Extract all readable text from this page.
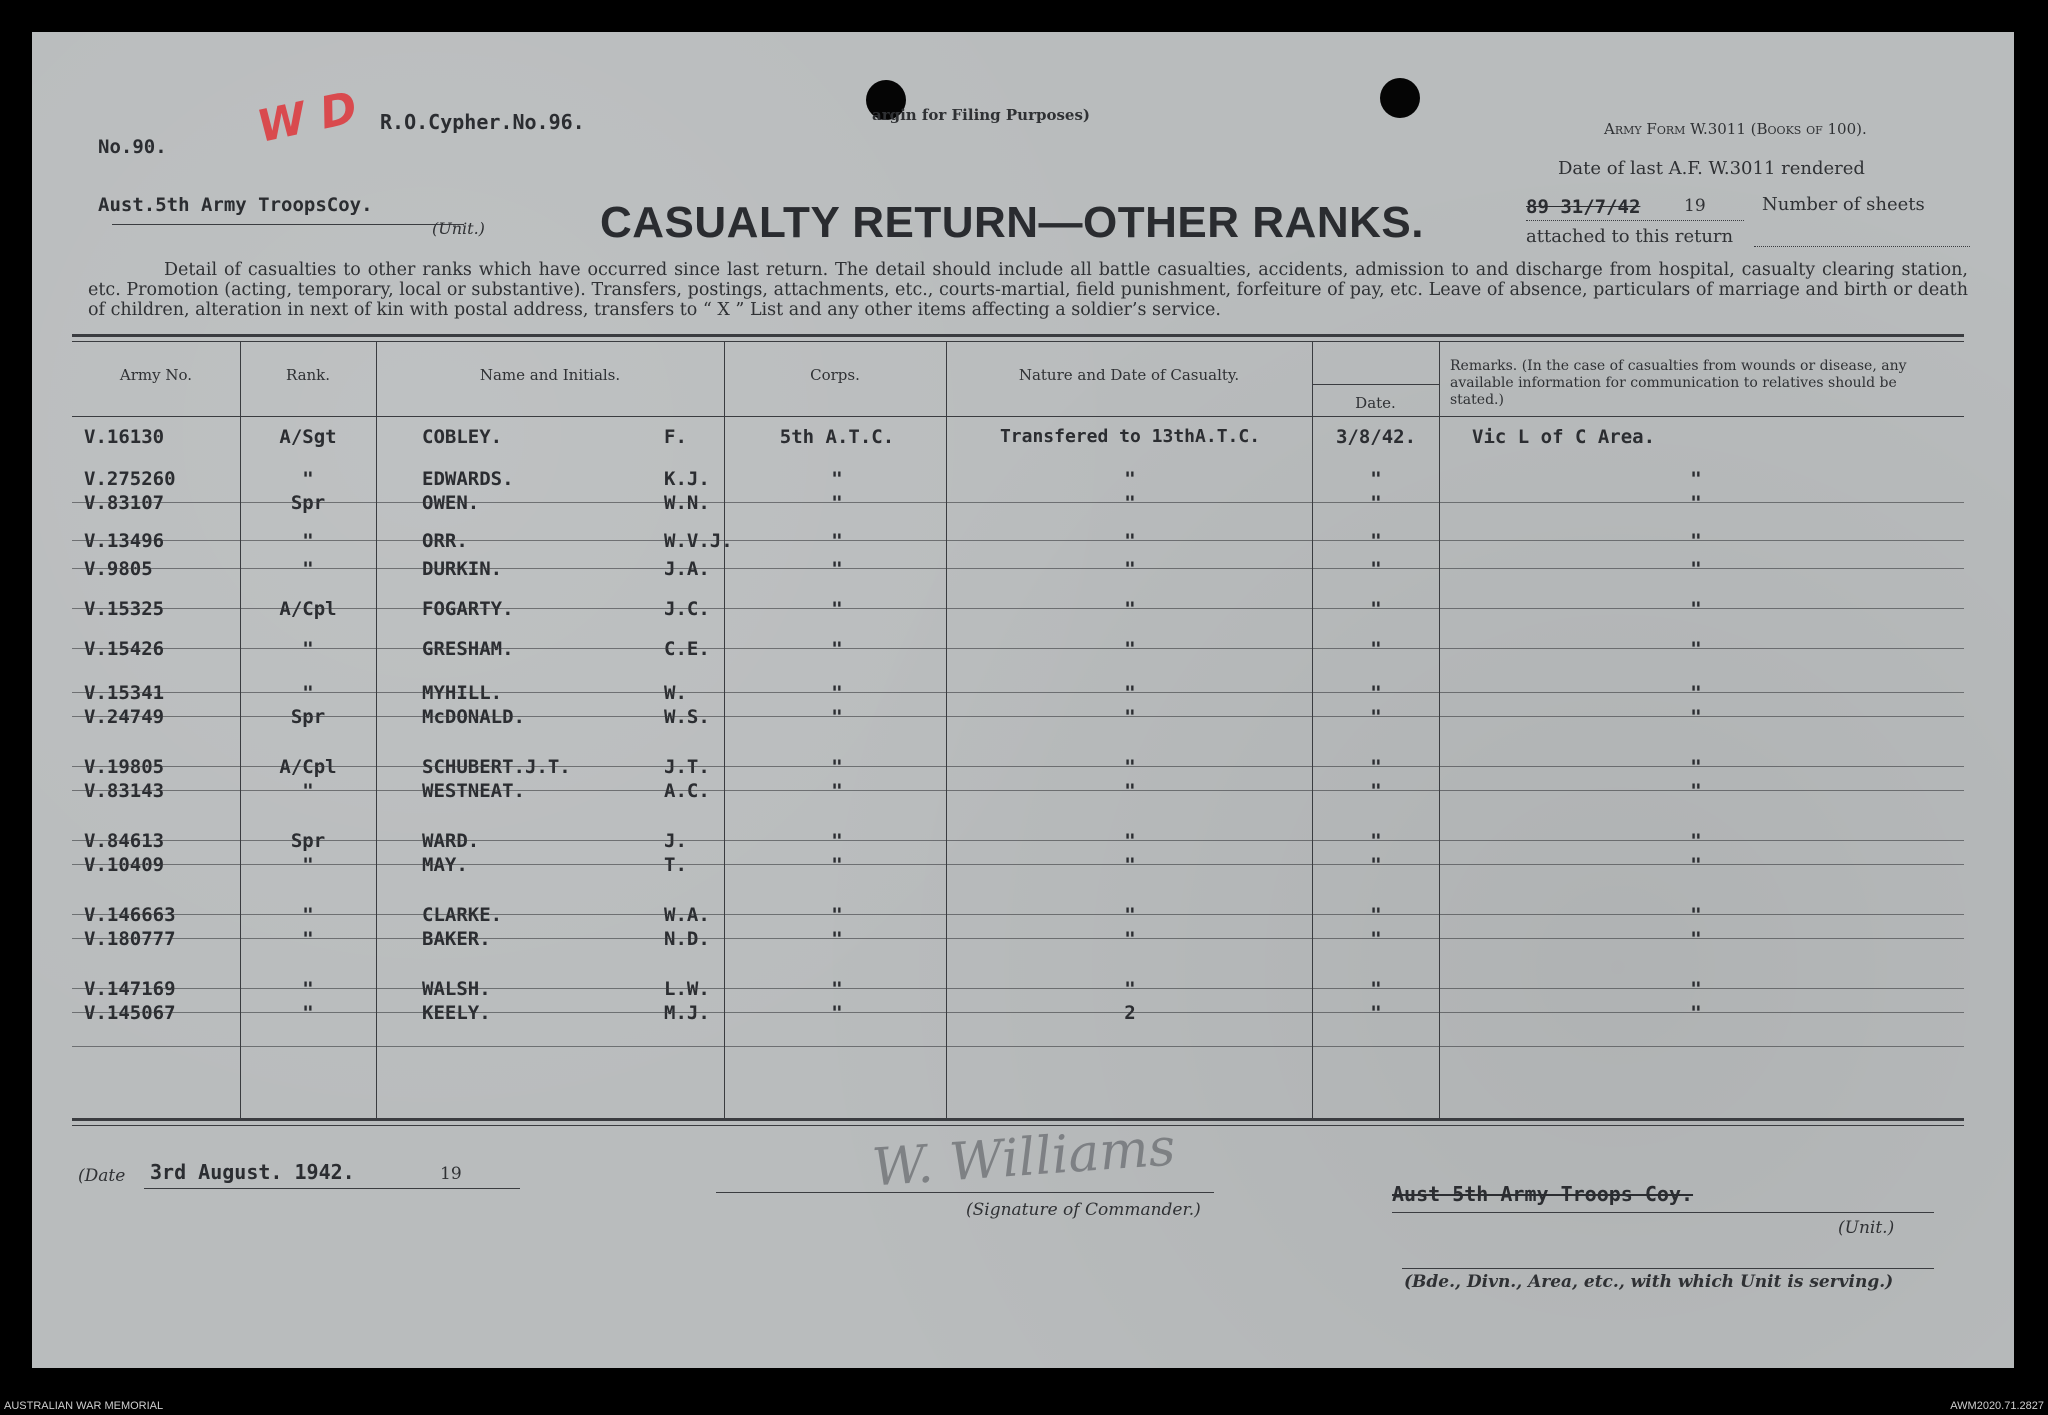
W D R.O.Cypher.No.96.
No.90.
argin for Filing Purposes)
Army Form W.3011 (Books of 100).
Aust.5th Army TroopsCoy.
(Unit.)	CASUALTY RETURN—OTHER RANKS.
Date of last A.F. W.3011 rendered
89 31/7/42	19	Number of sheets
attached to this return
Detail of casualties to other ranks which have occurred since last return. The detail should include all battle casualties, accidents, admission to and discharge from hospital, casualty clearing station, etc. Promotion (acting, temporary, local or substantive). Transfers, postings, attachments, etc., courts-martial, field punishment, forfeiture of pay, etc. Leave of absence, particulars of marriage and birth or death of children, alteration in next of kin with postal address, transfers to “ X ” List and any other items affecting a soldier’s service.
Army No.	Rank.	Name and Initials.	Corps.	Nature and Date of Casualty.
Date.
Remarks. (In the case of casualties from wounds or disease, any available information for communication to relatives should be stated.)
V.16130	A/Sgt	COBLEY.	F.	5th A.T.C.	Transfered to 13thA.T.C.	3/8/42.	Vic L of C Area.
V.275260	"	EDWARDS.	K.J.	"	"	"	"
V.83107	Spr	OWEN.	W.N.	"	"	"	"
V.13496	"	ORR.	W.V.J.	"	"	"	"
V.9805	"	DURKIN.	J.A.	"	"	"	"
V.15325	A/Cpl	FOGARTY.	J.C.	"	"	"	"
V.15426	"	GRESHAM.	C.E.	"	"	"	"
V.15341	"	MYHILL.	W.	"	"	"	"
V.24749	Spr	McDONALD.	W.S.	"	"	"	"
V.19805	A/Cpl	SCHUBERT.J.T.	J.T.	"	"	"	"
V.83143	"	WESTNEAT.	A.C.	"	"	"	"
V.84613	Spr	WARD.	J.	"	"	"	"
V.10409	"	MAY.	T.	"	"	"	"
V.146663	"	CLARKE.	W.A.	"	"	"	"
V.180777	"	BAKER.	N.D.	"	"	"	"
V.147169	"	WALSH.	L.W.	"	"	"	"
V.145067	"	KEELY.	M.J.	"	2	"	"
(Date 3rd August. 1942.	19	W. Williams
(Signature of Commander.)
Aust 5th Army Troops Coy.
(Unit.)
(Bde., Divn., Area, etc., with which Unit is serving.)
AUSTRALIAN WAR MEMORIAL	AWM2020.71.2827
